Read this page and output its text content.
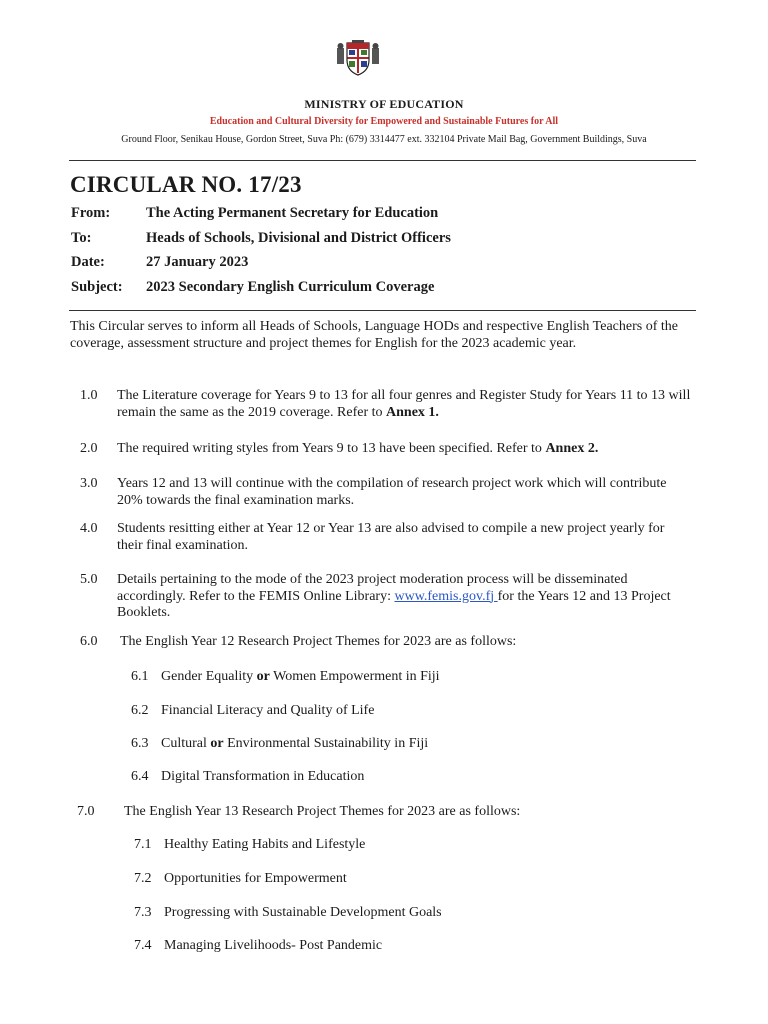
MINISTRY OF EDUCATION
Education and Cultural Diversity for Empowered and Sustainable Futures for All
Ground Floor, Senikau House, Gordon Street, Suva Ph: (679) 3314477 ext. 332104 Private Mail Bag, Government Buildings, Suva
CIRCULAR NO. 17/23
From: The Acting Permanent Secretary for Education
To:	Heads of Schools, Divisional and District Officers
Date:	27 January 2023
Subject: 2023 Secondary English Curriculum Coverage
This Circular serves to inform all Heads of Schools, Language HODs and respective English Teachers of the coverage, assessment structure and project themes for English for the 2023 academic year.
1.0 The Literature coverage for Years 9 to 13 for all four genres and Register Study for Years 11 to 13 will remain the same as the 2019 coverage. Refer to Annex 1.
2.0 The required writing styles from Years 9 to 13 have been specified. Refer to Annex 2.
3.0 Years 12 and 13 will continue with the compilation of research project work which will contribute 20% towards the final examination marks.
4.0 Students resitting either at Year 12 or Year 13 are also advised to compile a new project yearly for their final examination.
5.0 Details pertaining to the mode of the 2023 project moderation process will be disseminated accordingly. Refer to the FEMIS Online Library: www.femis.gov.fj for the Years 12 and 13 Project Booklets.
6.0 The English Year 12 Research Project Themes for 2023 are as follows:
6.1 Gender Equality or Women Empowerment in Fiji
6.2 Financial Literacy and Quality of Life
6.3 Cultural or Environmental Sustainability in Fiji
6.4 Digital Transformation in Education
7.0 The English Year 13 Research Project Themes for 2023 are as follows:
7.1 Healthy Eating Habits and Lifestyle
7.2 Opportunities for Empowerment
7.3 Progressing with Sustainable Development Goals
7.4 Managing Livelihoods- Post Pandemic
